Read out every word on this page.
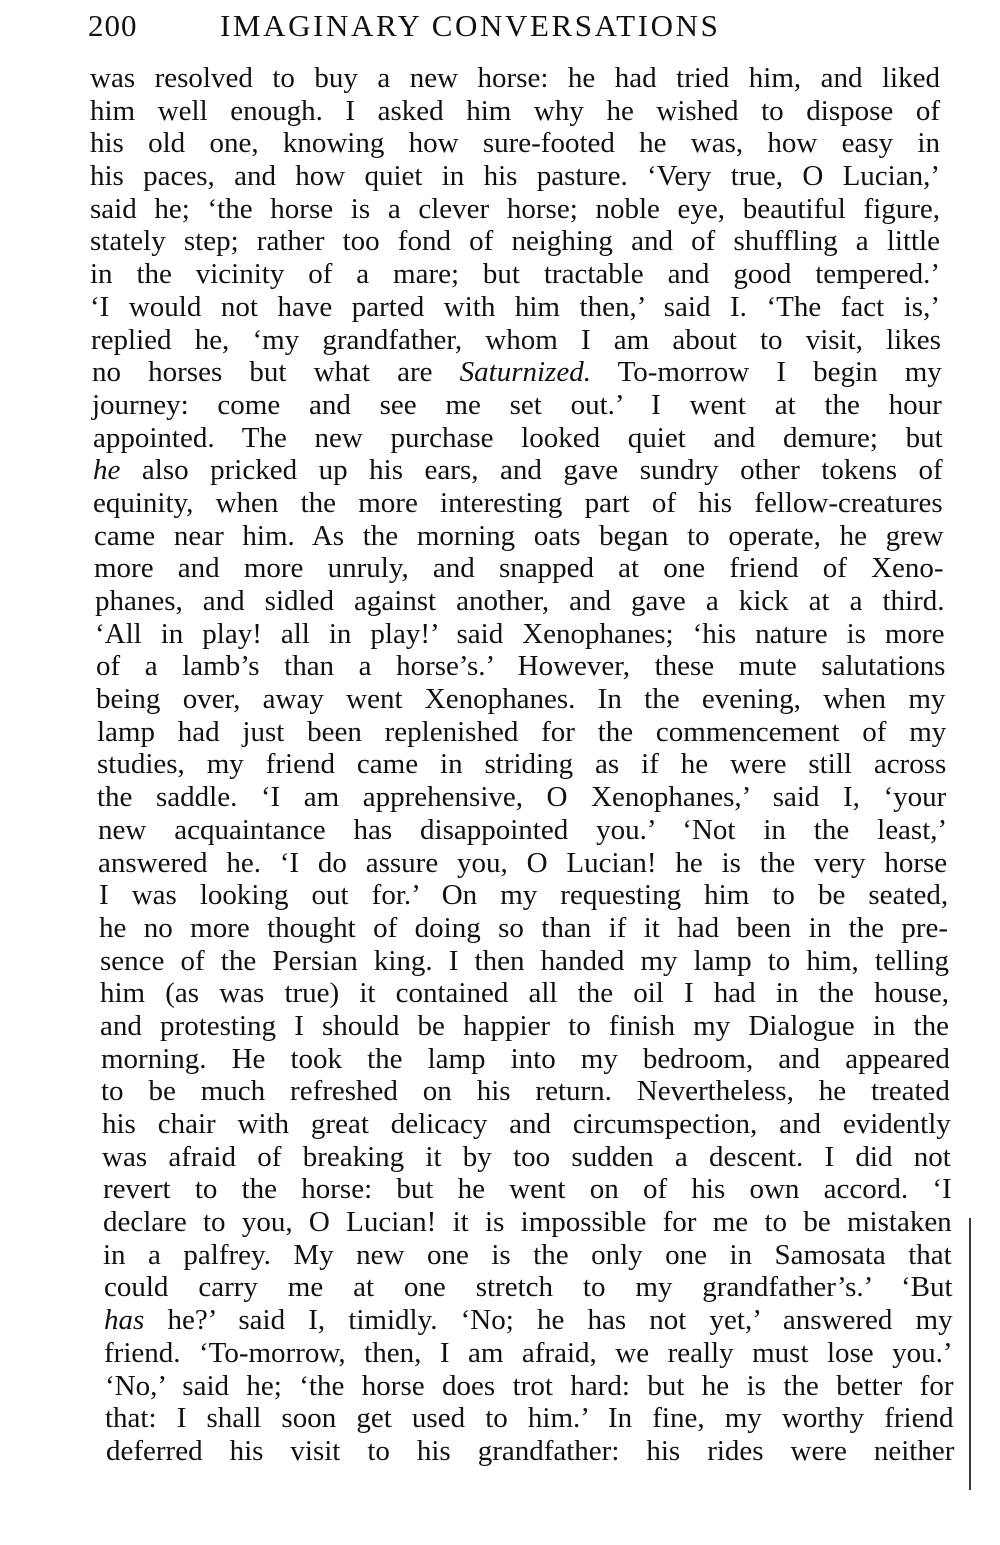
200	IMAGINARY CONVERSATIONS
was resolved to buy a new horse: he had tried him, and liked
him well enough. I asked him why he wished to dispose of
his old one, knowing how sure-footed he was, how easy in
his paces, and how quiet in his pasture. ‘Very true, O Lucian,’
said he; ‘the horse is a clever horse; noble eye, beautiful figure,
stately step; rather too fond of neighing and of shuffling a little
in the vicinity of a mare; but tractable and good tempered.’
‘I would not have parted with him then,’ said I. ‘The fact is,’
replied he, ‘my grandfather, whom I am about to visit, likes
no horses but what are Saturnized. To-morrow I begin my
journey: come and see me set out.’ I went at the hour
appointed. The new purchase looked quiet and demure; but
he also pricked up his ears, and gave sundry other tokens of
equinity, when the more interesting part of his fellow-creatures
came near him. As the morning oats began to operate, he grew
more and more unruly, and snapped at one friend of Xeno-
phanes, and sidled against another, and gave a kick at a third.
‘All in play! all in play!’ said Xenophanes; ‘his nature is more
of a lamb’s than a horse’s.’ However, these mute salutations
being over, away went Xenophanes. In the evening, when my
lamp had just been replenished for the commencement of my
studies, my friend came in striding as if he were still across
the saddle. ‘I am apprehensive, O Xenophanes,’ said I, ‘your
new acquaintance has disappointed you.’ ‘Not in the least,’
answered he. ‘I do assure you, O Lucian! he is the very horse
I was looking out for.’ On my requesting him to be seated,
he no more thought of doing so than if it had been in the pre-
sence of the Persian king. I then handed my lamp to him, telling
him (as was true) it contained all the oil I had in the house,
and protesting I should be happier to finish my Dialogue in the
morning. He took the lamp into my bedroom, and appeared
to be much refreshed on his return. Nevertheless, he treated
his chair with great delicacy and circumspection, and evidently
was afraid of breaking it by too sudden a descent. I did not
revert to the horse: but he went on of his own accord. ‘I
declare to you, O Lucian! it is impossible for me to be mistaken
in a palfrey. My new one is the only one in Samosata that
could carry me at one stretch to my grandfather’s.’ ‘But
has he?’ said I, timidly. ‘No; he has not yet,’ answered my
friend. ‘To-morrow, then, I am afraid, we really must lose you.’
‘No,’ said he; ‘the horse does trot hard: but he is the better for
that: I shall soon get used to him.’ In fine, my worthy friend
deferred his visit to his grandfather: his rides were neither
